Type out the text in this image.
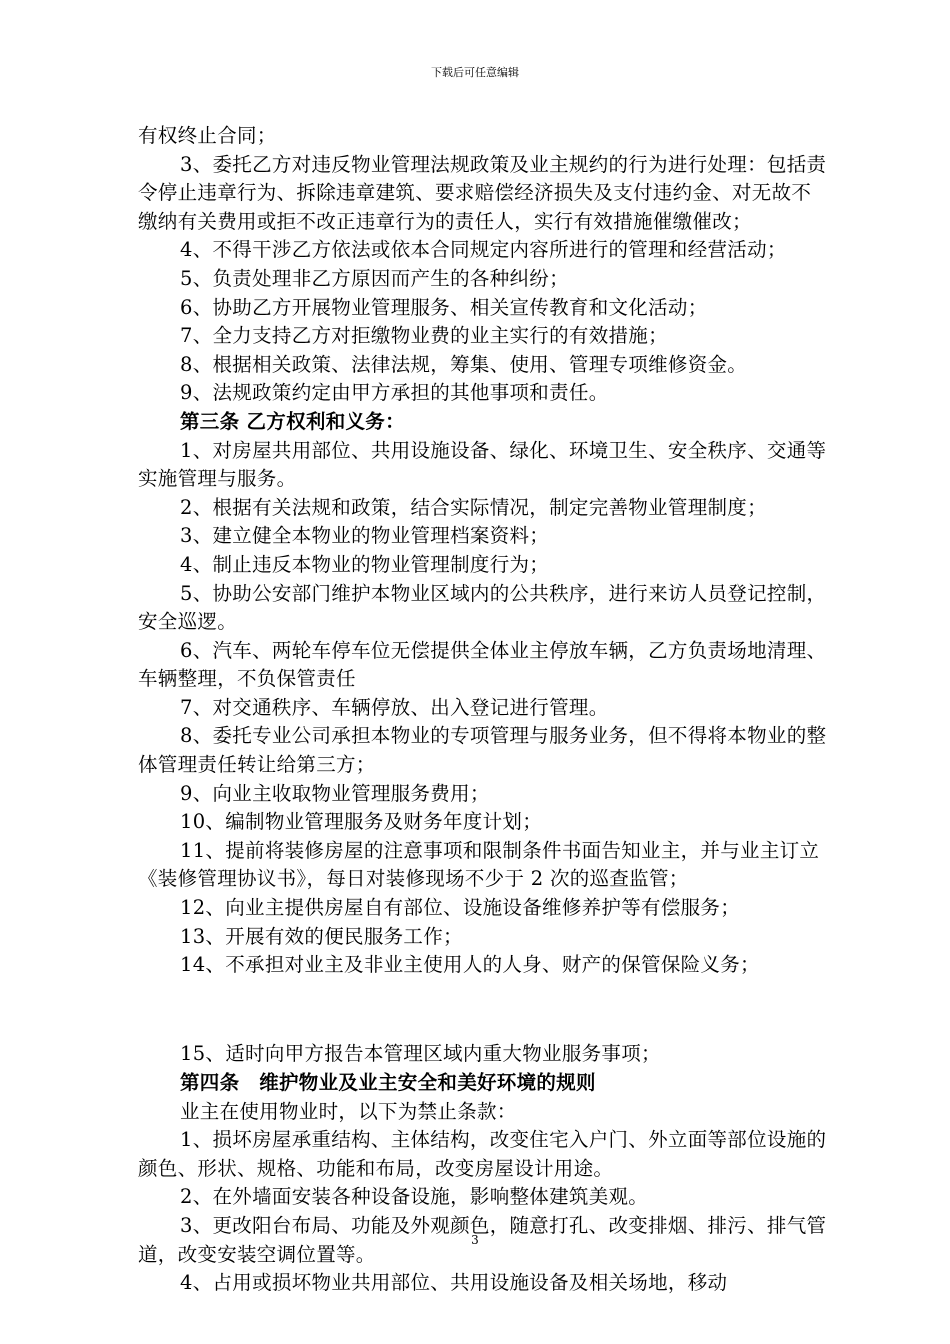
下载后可任意编辑

有权终止合同；

3、委托乙方对违反物业管理法规政策及业主规约的行为进行处理：包括责令停止违章行为、拆除违章建筑、要求赔偿经济损失及支付违约金、对无故不缴纳有关费用或拒不改正违章行为的责任人，实行有效措施催缴催改；

4、不得干涉乙方依法或依本合同规定内容所进行的管理和经营活动；

5、负责处理非乙方原因而产生的各种纠纷；

6、协助乙方开展物业管理服务、相关宣传教育和文化活动；

7、全力支持乙方对拒缴物业费的业主实行的有效措施；

8、根据相关政策、法律法规，筹集、使用、管理专项维修资金。

9、法规政策约定由甲方承担的其他事项和责任。

第三条 乙方权利和义务：

1、对房屋共用部位、共用设施设备、绿化、环境卫生、安全秩序、交通等实施管理与服务。

2、根据有关法规和政策，结合实际情况，制定完善物业管理制度；

3、建立健全本物业的物业管理档案资料；

4、制止违反本物业的物业管理制度行为；

5、协助公安部门维护本物业区域内的公共秩序，进行来访人员登记控制，安全巡逻。

6、汽车、两轮车停车位无偿提供全体业主停放车辆，乙方负责场地清理、车辆整理，不负保管责任

7、对交通秩序、车辆停放、出入登记进行管理。

8、委托专业公司承担本物业的专项管理与服务业务，但不得将本物业的整体管理责任转让给第三方；

9、向业主收取物业管理服务费用；

10、编制物业管理服务及财务年度计划；

11、提前将装修房屋的注意事项和限制条件书面告知业主，并与业主订立《装修管理协议书》，每日对装修现场不少于 2 次的巡查监管；

12、向业主提供房屋自有部位、设施设备维修养护等有偿服务；

13、开展有效的便民服务工作；

14、不承担对业主及非业主使用人的人身、财产的保管保险义务；

15、适时向甲方报告本管理区域内重大物业服务事项；

第四条　维护物业及业主安全和美好环境的规则

业主在使用物业时，以下为禁止条款：

1、损坏房屋承重结构、主体结构，改变住宅入户门、外立面等部位设施的颜色、形状、规格、功能和布局，改变房屋设计用途。

2、在外墙面安装各种设备设施，影响整体建筑美观。

3、更改阳台布局、功能及外观颜色，随意打孔、改变排烟、排污、排气管道，改变安装空调位置等。

4、占用或损坏物业共用部位、共用设施设备及相关场地，移动

3
